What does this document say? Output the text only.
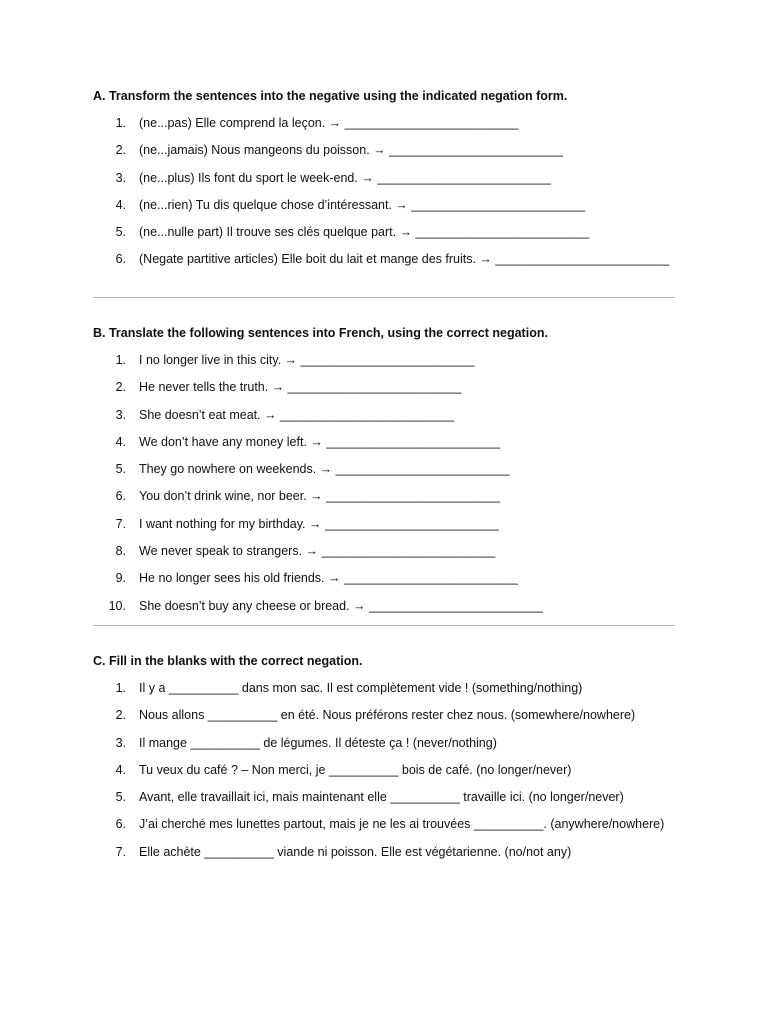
A. Transform the sentences into the negative using the indicated negation form.

1. (ne...pas) Elle comprend la leçon. → _________________________
2. (ne...jamais) Nous mangeons du poisson. → _________________________
3. (ne...plus) Ils font du sport le week-end. → _________________________
4. (ne...rien) Tu dis quelque chose d’intéressant. → _________________________
5. (ne...nulle part) Il trouve ses clés quelque part. → _________________________
6. (Negate partitive articles) Elle boit du lait et mange des fruits. → _________________________

B. Translate the following sentences into French, using the correct negation.

1. I no longer live in this city. → _________________________
2. He never tells the truth. → _________________________
3. She doesn’t eat meat. → _________________________
4. We don’t have any money left. → _________________________
5. They go nowhere on weekends. → _________________________
6. You don’t drink wine, nor beer. → _________________________
7. I want nothing for my birthday. → _________________________
8. We never speak to strangers. → _________________________
9. He no longer sees his old friends. → _________________________
10. She doesn’t buy any cheese or bread. → _________________________

C. Fill in the blanks with the correct negation.

1. Il y a __________ dans mon sac. Il est complètement vide ! (something/nothing)
2. Nous allons __________ en été. Nous préférons rester chez nous. (somewhere/nowhere)
3. Il mange __________ de légumes. Il déteste ça ! (never/nothing)
4. Tu veux du café ? – Non merci, je __________ bois de café. (no longer/never)
5. Avant, elle travaillait ici, mais maintenant elle __________ travaille ici. (no longer/never)
6. J’ai cherché mes lunettes partout, mais je ne les ai trouvées __________. (anywhere/nowhere)
7. Elle achète __________ viande ni poisson. Elle est végétarienne. (no/not any)
